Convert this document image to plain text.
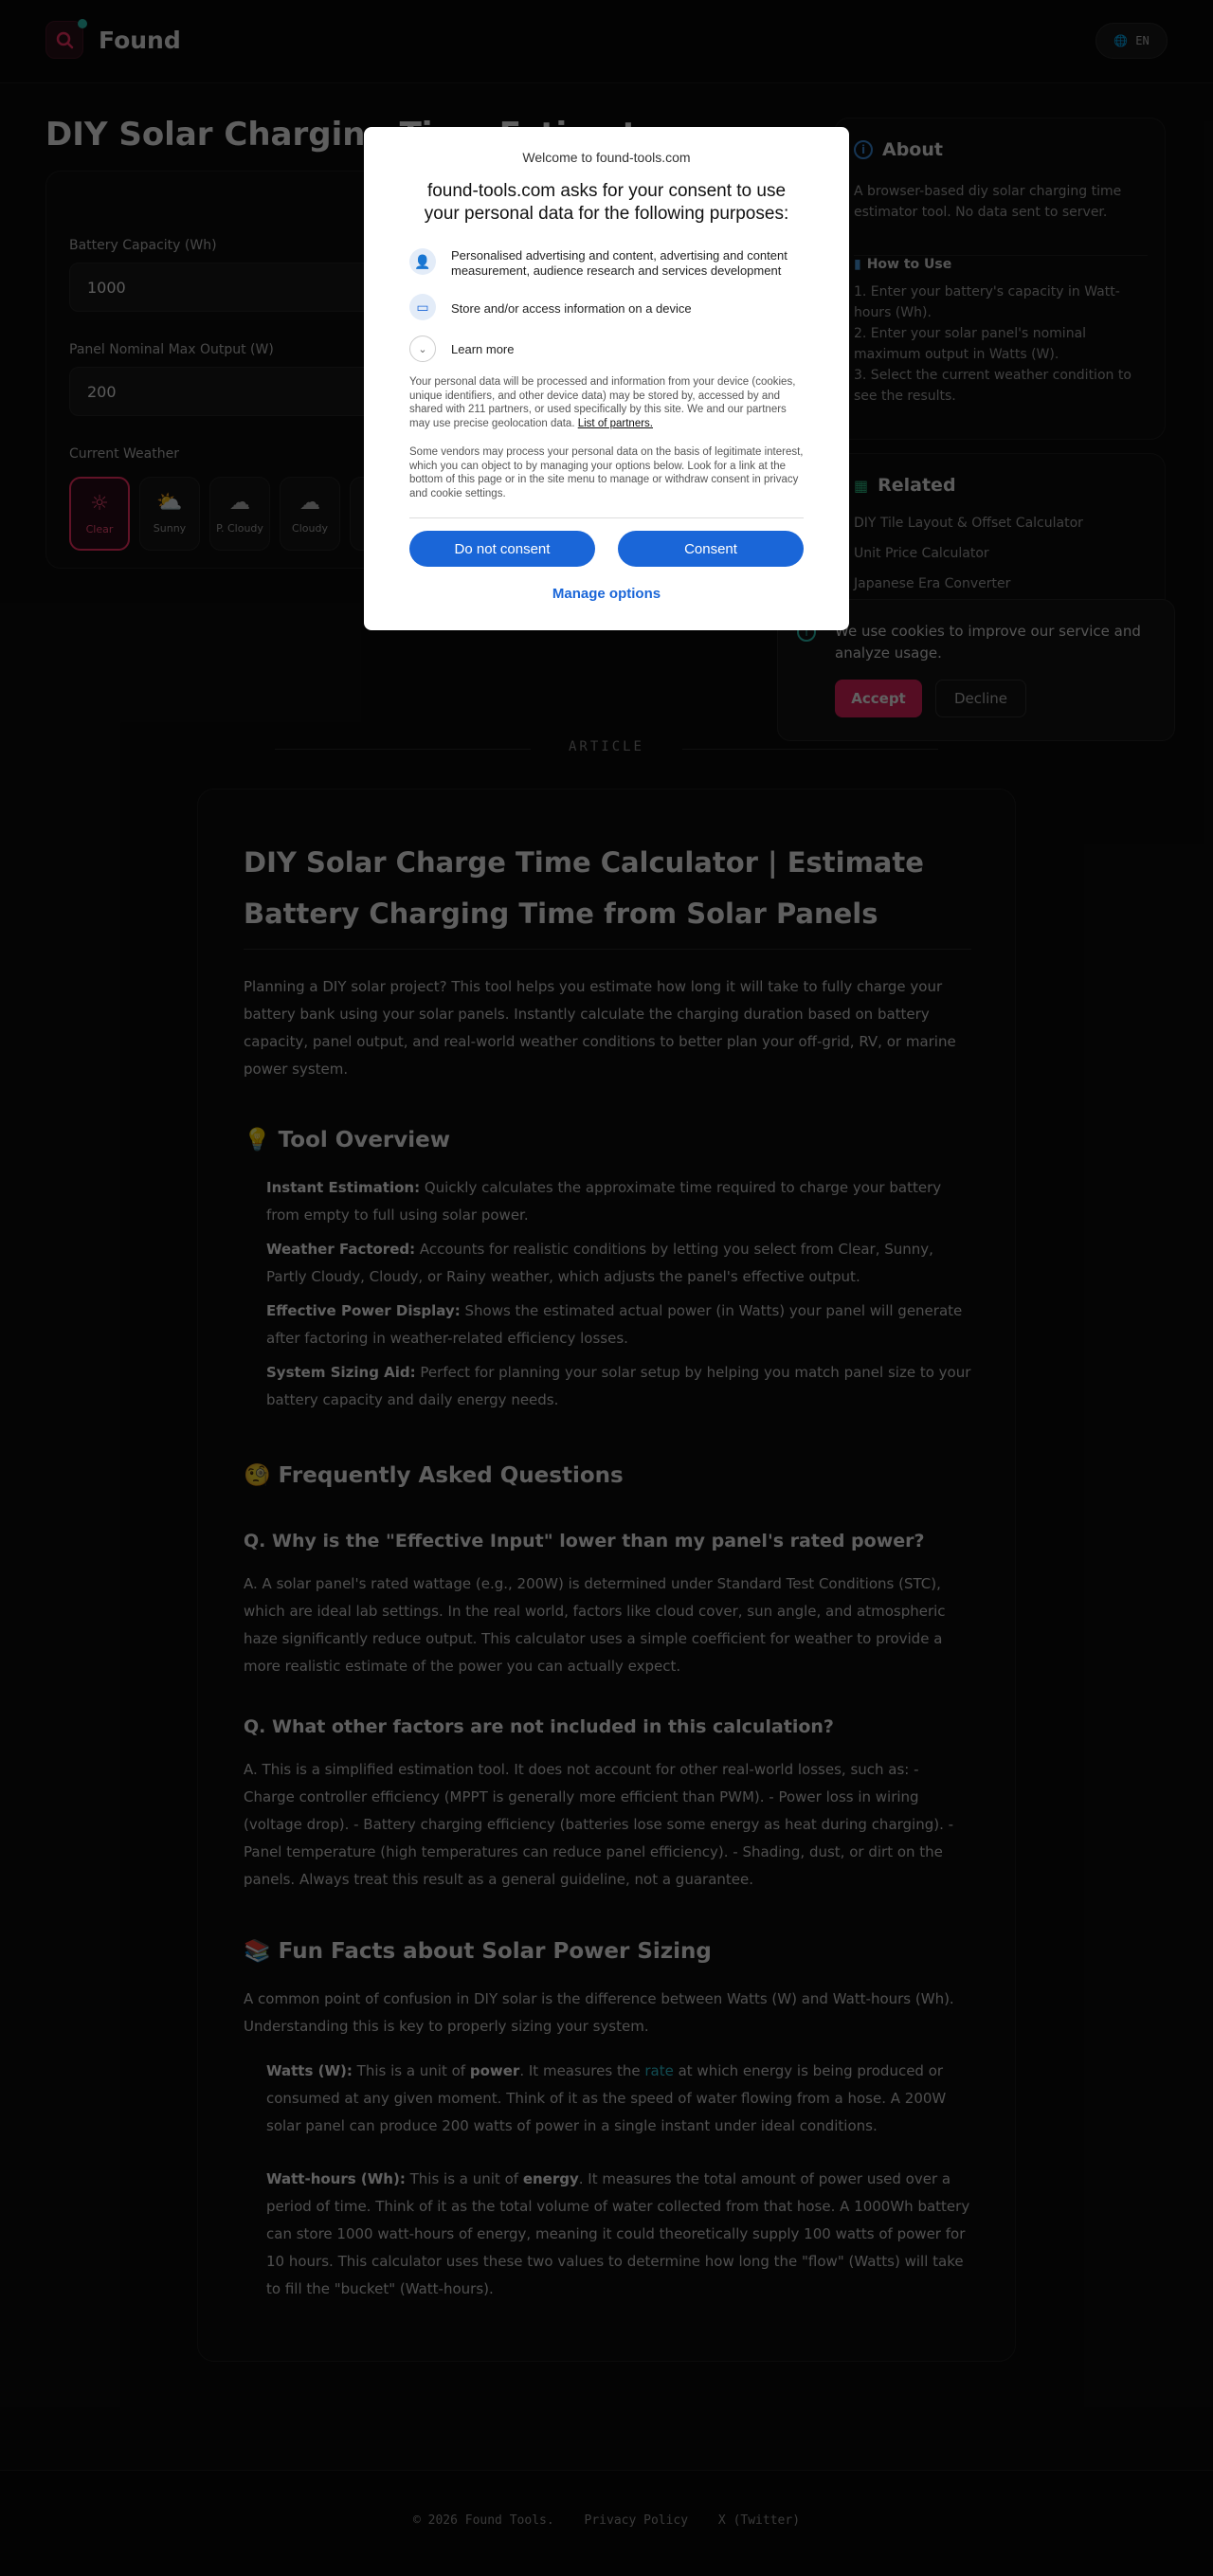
Welcome to found-tools.com
found-tools.com asks for your consent to use your personal data for the following purposes:
👤	Personalised advertising and content, advertising and content measurement, audience research and services development
▭	Store and/or access information on a device
⌄	Learn more
Your personal data will be processed and information from your device (cookies, unique identifiers, and other device data) may be stored by, accessed by and shared with 211 partners, or used specifically by this site. We and our partners may use precise geolocation data. List of partners.
Some vendors may process your personal data on the basis of legitimate interest, which you can object to by managing your options below. Look for a link at the bottom of this page or in the site menu to manage or withdraw consent in privacy and cookie settings.
Do not consent	Consent
Manage options
